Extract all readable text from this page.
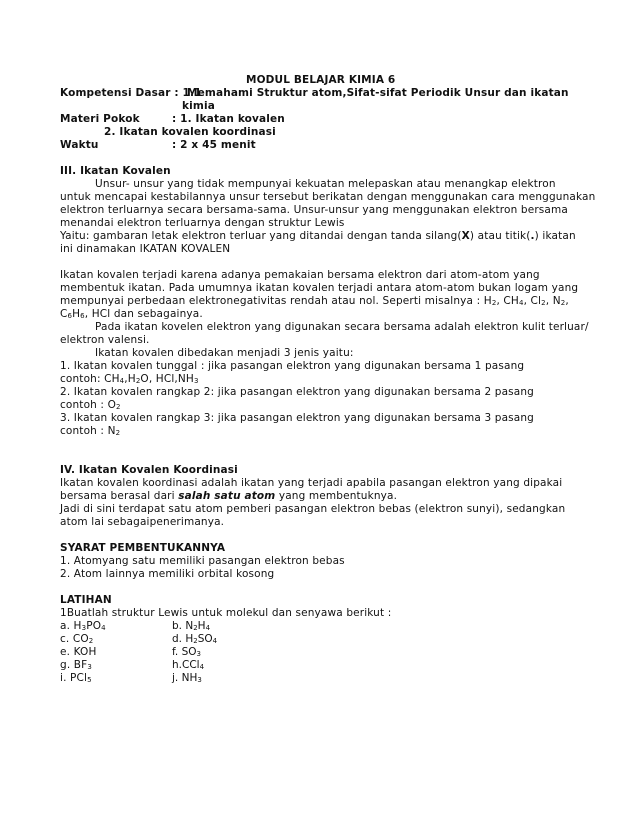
MODUL BELAJAR KIMIA 6
Kompetensi Dasar : 1.1
Memahami Struktur atom,Sifat-sifat Periodik Unsur dan ikatan
kimia
Materi Pokok	: 1. Ikatan kovalen
2. Ikatan kovalen koordinasi
Waktu	: 2 x 45 menit
III. Ikatan Kovalen
Unsur- unsur yang tidak mempunyai kekuatan melepaskan atau menangkap elektron
untuk mencapai kestabilannya unsur tersebut berikatan dengan menggunakan cara menggunakan
elektron terluarnya secara bersama-sama. Unsur-unsur yang menggunakan elektron bersama
menandai elektron terluarnya dengan struktur Lewis
Yaitu: gambaran letak elektron terluar yang ditandai dengan tanda silang(X) atau titik(.) ikatan
ini dinamakan IKATAN KOVALEN
Ikatan kovalen terjadi karena adanya pemakaian bersama elektron dari atom-atom yang
membentuk ikatan. Pada umumnya ikatan kovalen terjadi antara atom-atom bukan logam yang
mempunyai perbedaan elektronegativitas rendah atau nol. Seperti misalnya : $H_2$, $CH_4$, $Cl_2$, $N_2$,
$C_6H_6$, HCl dan sebagainya.
Pada ikatan kovelen elektron yang digunakan secara bersama adalah elektron kulit terluar/
elektron valensi.
Ikatan kovalen dibedakan menjadi 3 jenis yaitu:
1. Ikatan kovalen tunggal : jika pasangan elektron yang digunakan bersama 1 pasang
contoh: $CH_4,H_2O$, $HCl,NH_3$
2. Ikatan kovalen rangkap 2: jika pasangan elektron yang digunakan bersama 2 pasang
contoh : $O_2$
3. Ikatan kovalen rangkap 3: jika pasangan elektron yang digunakan bersama 3 pasang
contoh : $N_2$
IV. Ikatan Kovalen Koordinasi
Ikatan kovalen koordinasi adalah ikatan yang terjadi apabila pasangan elektron yang dipakai
bersama berasal dari salah satu atom yang membentuknya.
Jadi di sini terdapat satu atom pemberi pasangan elektron bebas (elektron sunyi), sedangkan
atom lai sebagaipenerimanya.
SYARAT PEMBENTUKANNYA
1. Atomyang satu memiliki pasangan elektron bebas
2. Atom lainnya memiliki orbital kosong
LATIHAN
1Buatlah struktur Lewis untuk molekul dan senyawa berikut :
a. $H_3PO_4$	b. $N_2H_4$
c. $CO_2$	d. $H_2SO_4$
e. KOH	f. $SO_3$
g. $BF_3$	h.CCl$_4$
i. PCl$_5$	j. $NH_3$
